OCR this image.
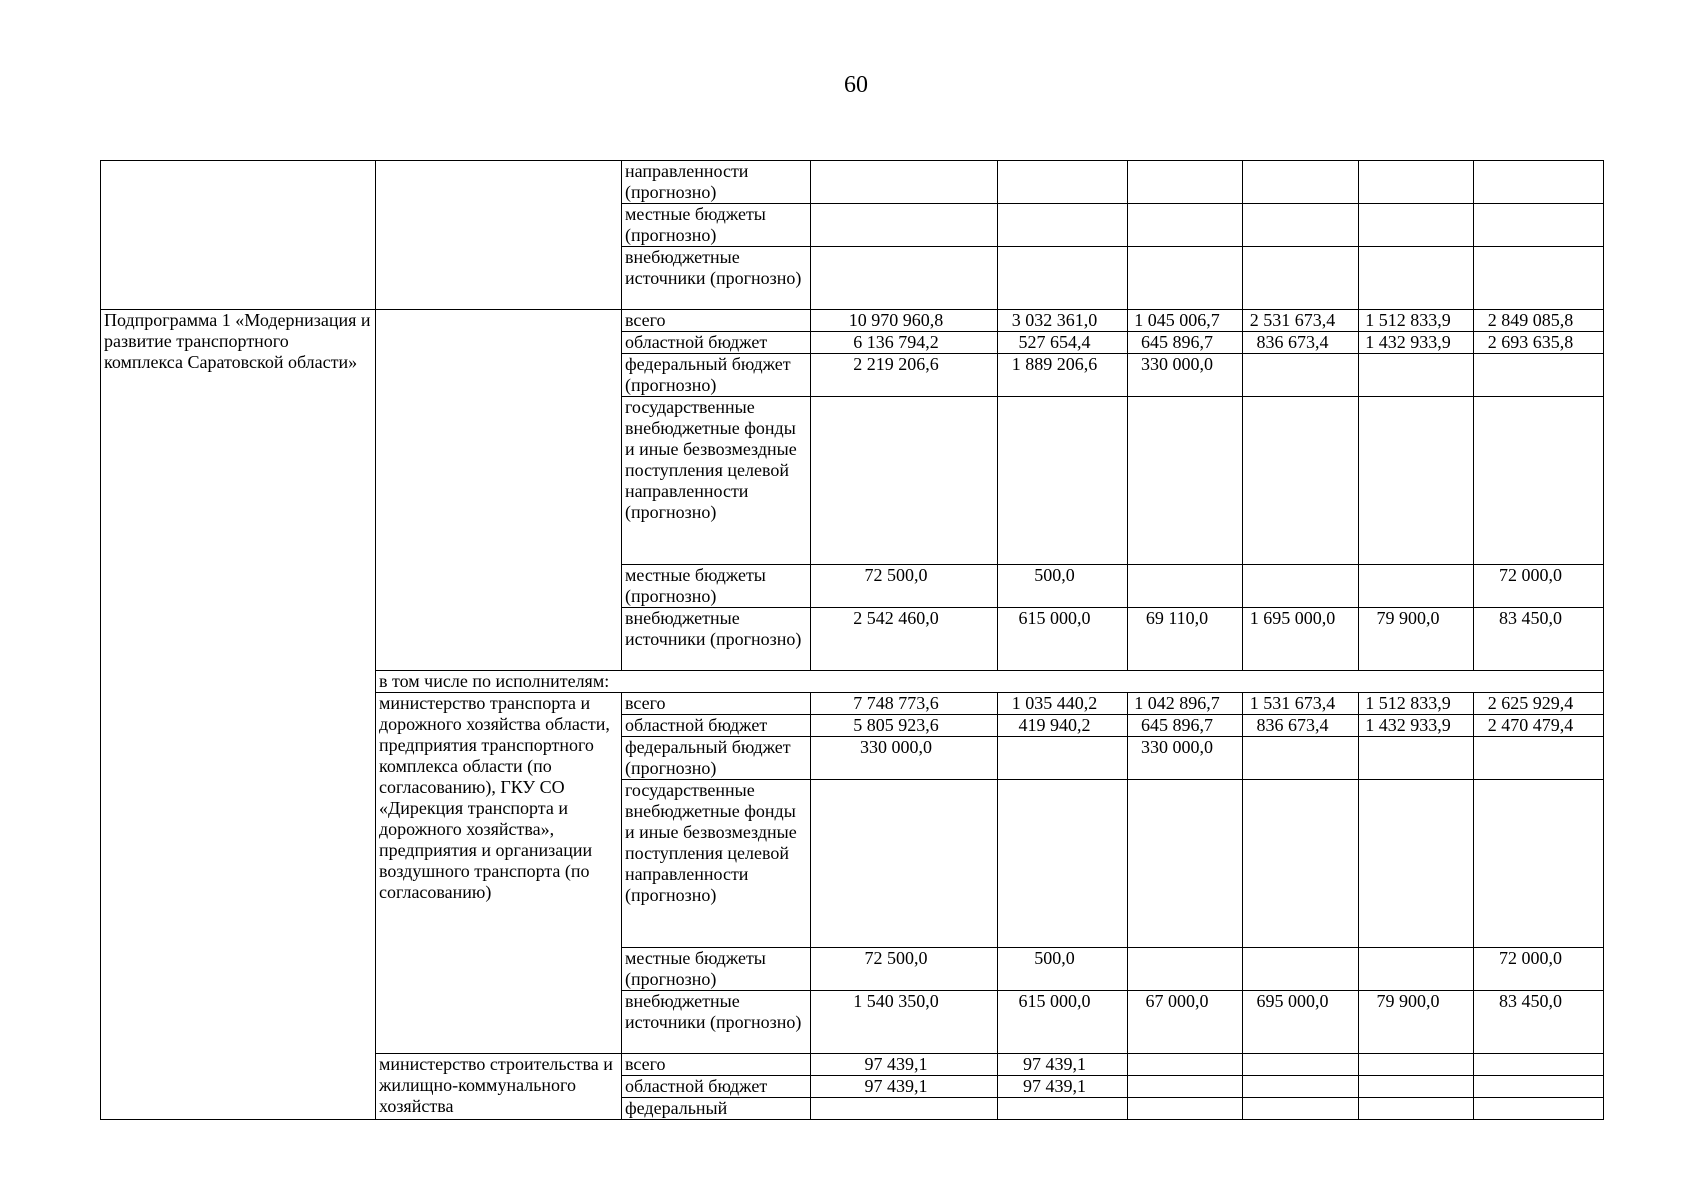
60
		направленности (прогнозно)						
		местные бюджеты (прогнозно)						
		внебюджетные источники (прогнозно)						
Подпрограмма 1 «Модернизация и развитие транспортного комплекса Саратовской области»		всего	10 970 960,8	3 032 361,0	1 045 006,7	2 531 673,4	1 512 833,9	2 849 085,8
		областной бюджет	6 136 794,2	527 654,4	645 896,7	836 673,4	1 432 933,9	2 693 635,8
		федеральный бюджет (прогнозно)	2 219 206,6	1 889 206,6	330 000,0			
		государственные внебюджетные фонды и иные безвозмездные поступления целевой направленности (прогнозно)						
		местные бюджеты (прогнозно)	72 500,0	500,0				72 000,0
		внебюджетные источники (прогнозно)	2 542 460,0	615 000,0	69 110,0	1 695 000,0	79 900,0	83 450,0
	в том числе по исполнителям:							
	министерство транспорта и дорожного хозяйства области, предприятия транспортного комплекса области (по согласованию), ГКУ СО «Дирекция транспорта и дорожного хозяйства», предприятия и организации воздушного транспорта (по согласованию)	всего	7 748 773,6	1 035 440,2	1 042 896,7	1 531 673,4	1 512 833,9	2 625 929,4
		областной бюджет	5 805 923,6	419 940,2	645 896,7	836 673,4	1 432 933,9	2 470 479,4
		федеральный бюджет (прогнозно)	330 000,0		330 000,0			
		государственные внебюджетные фонды и иные безвозмездные поступления целевой направленности (прогнозно)						
		местные бюджеты (прогнозно)	72 500,0	500,0				72 000,0
		внебюджетные источники (прогнозно)	1 540 350,0	615 000,0	67 000,0	695 000,0	79 900,0	83 450,0
	министерство строительства и жилищно-коммунального хозяйства	всего	97 439,1	97 439,1				
		областной бюджет	97 439,1	97 439,1				
		федеральный						
